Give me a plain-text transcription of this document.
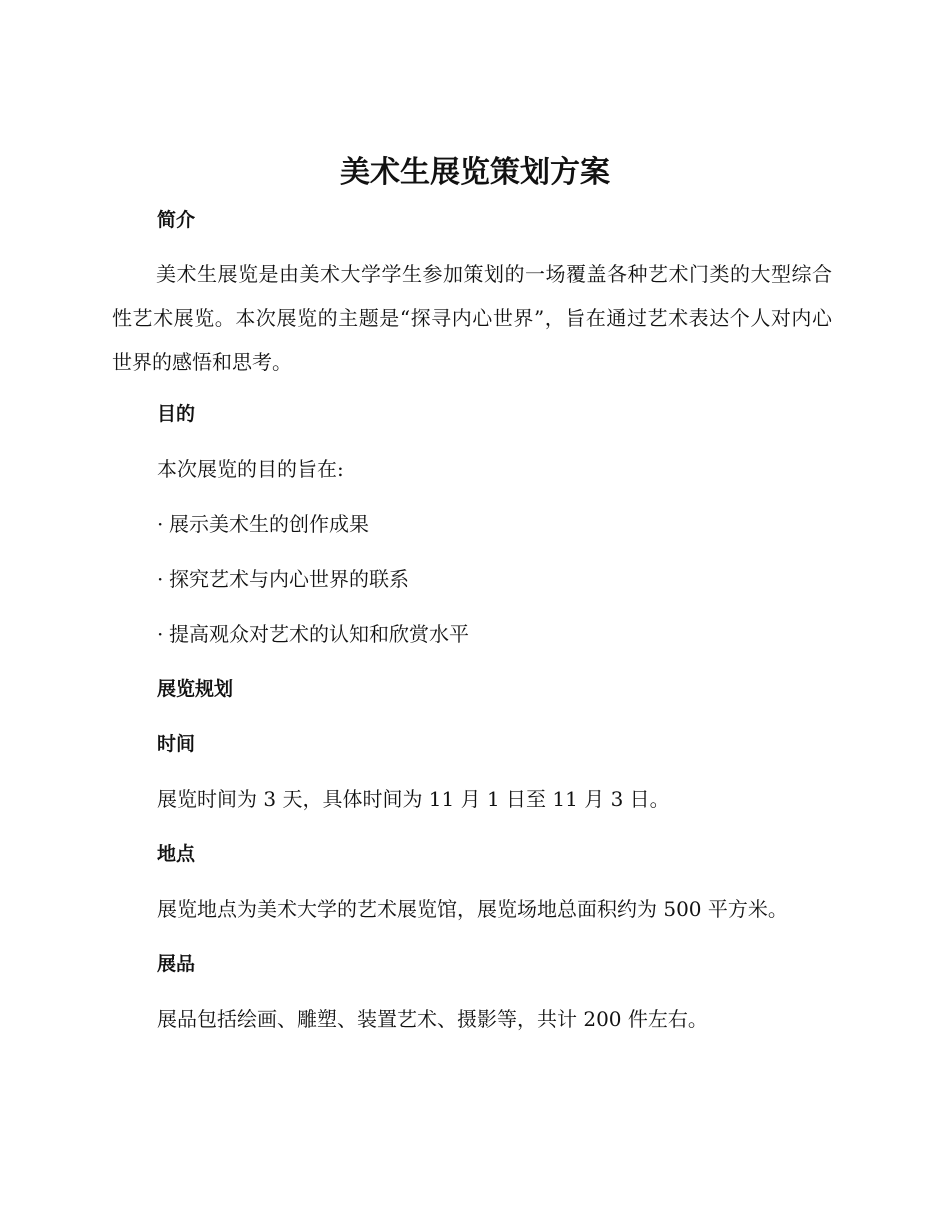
美术生展览策划方案
简介

美术生展览是由美术大学学生参加策划的一场覆盖各种艺术门类的大型综合性艺术展览。本次展览的主题是“探寻内心世界”，旨在通过艺术表达个人对内心世界的感悟和思考。

目的

本次展览的目的旨在:

· 展示美术生的创作成果

· 探究艺术与内心世界的联系

· 提高观众对艺术的认知和欣赏水平

展览规划
时间

展览时间为 3 天，具体时间为 11 月 1 日至 11 月 3 日。

地点

展览地点为美术大学的艺术展览馆，展览场地总面积约为 500 平方米。

展品

展品包括绘画、雕塑、装置艺术、摄影等，共计 200 件左右。
